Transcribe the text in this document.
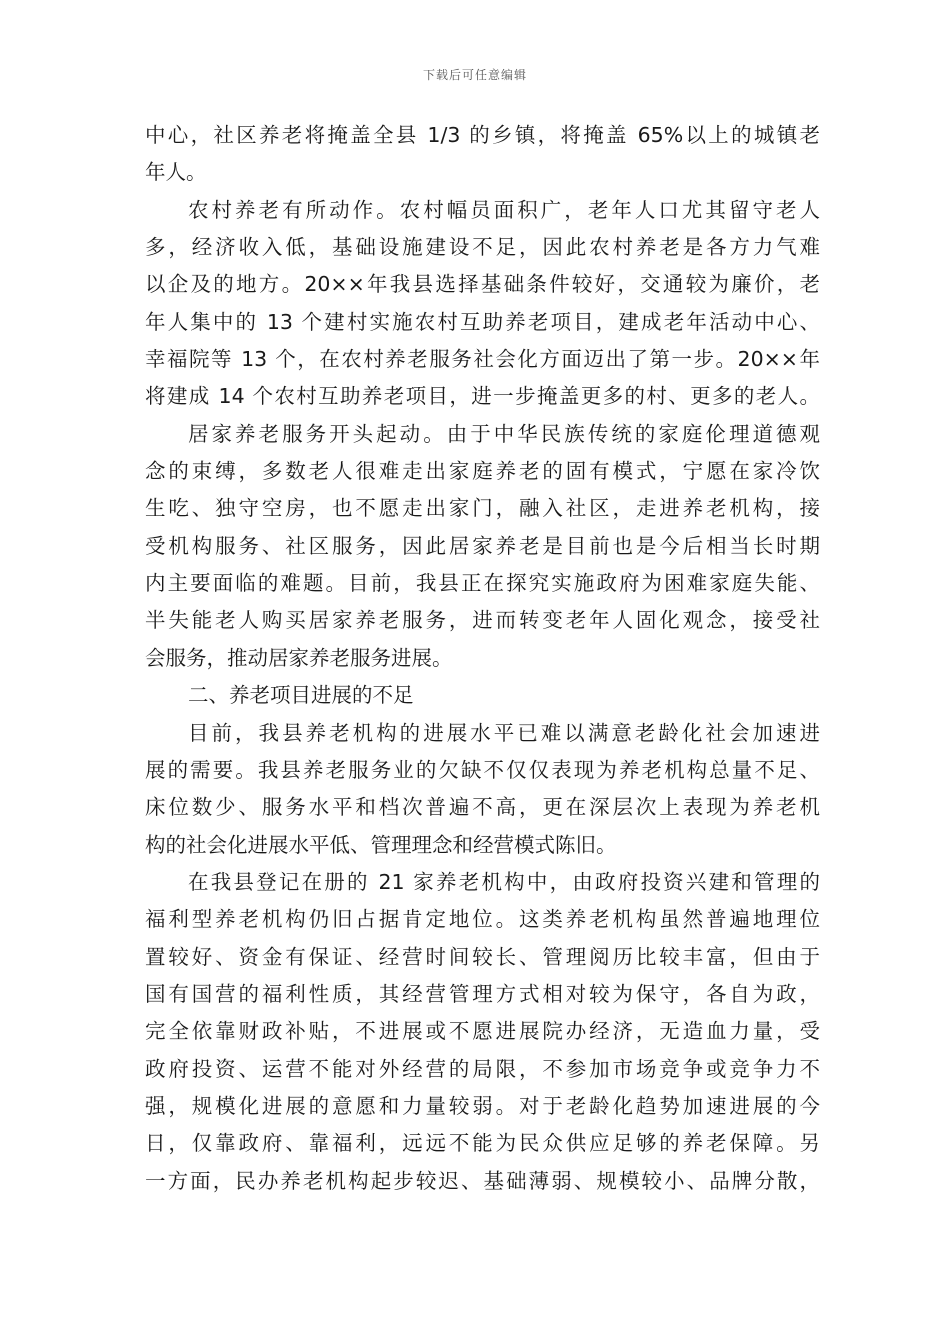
下载后可任意编辑
中心，社区养老将掩盖全县 1/3 的乡镇，将掩盖 65%以上的城镇老
年人。
农村养老有所动作。农村幅员面积广，老年人口尤其留守老人
多，经济收入低，基础设施建设不足，因此农村养老是各方力气难
以企及的地方。20××年我县选择基础条件较好，交通较为廉价，老
年人集中的 13 个建村实施农村互助养老项目，建成老年活动中心、
幸福院等 13 个，在农村养老服务社会化方面迈出了第一步。20××年
将建成 14 个农村互助养老项目，进一步掩盖更多的村、更多的老人。
居家养老服务开头起动。由于中华民族传统的家庭伦理道德观
念的束缚，多数老人很难走出家庭养老的固有模式，宁愿在家冷饮
生吃、独守空房，也不愿走出家门，融入社区，走进养老机构，接
受机构服务、社区服务，因此居家养老是目前也是今后相当长时期
内主要面临的难题。目前，我县正在探究实施政府为困难家庭失能、
半失能老人购买居家养老服务，进而转变老年人固化观念，接受社
会服务，推动居家养老服务进展。
二、养老项目进展的不足
目前，我县养老机构的进展水平已难以满意老龄化社会加速进
展的需要。我县养老服务业的欠缺不仅仅表现为养老机构总量不足、
床位数少、服务水平和档次普遍不高，更在深层次上表现为养老机
构的社会化进展水平低、管理理念和经营模式陈旧。
在我县登记在册的 21 家养老机构中，由政府投资兴建和管理的
福利型养老机构仍旧占据肯定地位。这类养老机构虽然普遍地理位
置较好、资金有保证、经营时间较长、管理阅历比较丰富，但由于
国有国营的福利性质，其经营管理方式相对较为保守，各自为政，
完全依靠财政补贴，不进展或不愿进展院办经济，无造血力量，受
政府投资、运营不能对外经营的局限，不参加市场竞争或竞争力不
强，规模化进展的意愿和力量较弱。对于老龄化趋势加速进展的今
日，仅靠政府、靠福利，远远不能为民众供应足够的养老保障。另
一方面，民办养老机构起步较迟、基础薄弱、规模较小、品牌分散，
